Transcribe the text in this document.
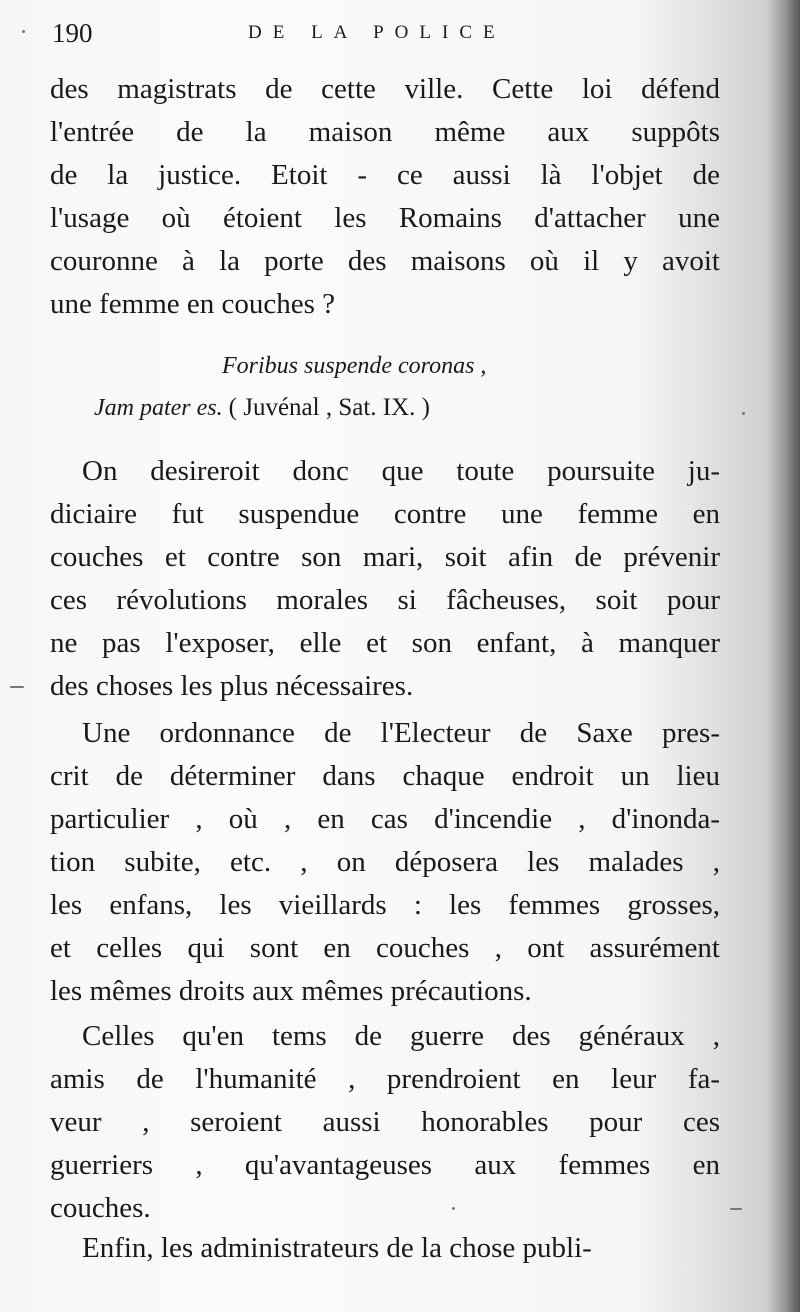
190	DE LA POLICE
des magistrats de cette ville. Cette loi défend
l'entrée de la maison même aux suppôts
de la justice. Etoit - ce aussi là l'objet de
l'usage où étoient les Romains d'attacher une
couronne à la porte des maisons où il y avoit
une femme en couches ?
Foribus suspende coronas ,
Jam pater es. ( Juvénal , Sat. IX. )
On desireroit donc que toute poursuite ju-
diciaire fut suspendue contre une femme en
couches et contre son mari, soit afin de prévenir
ces révolutions morales si fâcheuses, soit pour
ne pas l'exposer, elle et son enfant, à manquer
des choses les plus nécessaires.
Une ordonnance de l'Electeur de Saxe pres-
crit de déterminer dans chaque endroit un lieu
particulier , où , en cas d'incendie , d'inonda-
tion subite, etc. , on déposera les malades ,
les enfans, les vieillards : les femmes grosses,
et celles qui sont en couches , ont assurément
les mêmes droits aux mêmes précautions.
Celles qu'en tems de guerre des généraux ,
amis de l'humanité , prendroient en leur fa-
veur , seroient aussi honorables pour ces
guerriers , qu'avantageuses aux femmes en
couches.
Enfin, les administrateurs de la chose publi-
